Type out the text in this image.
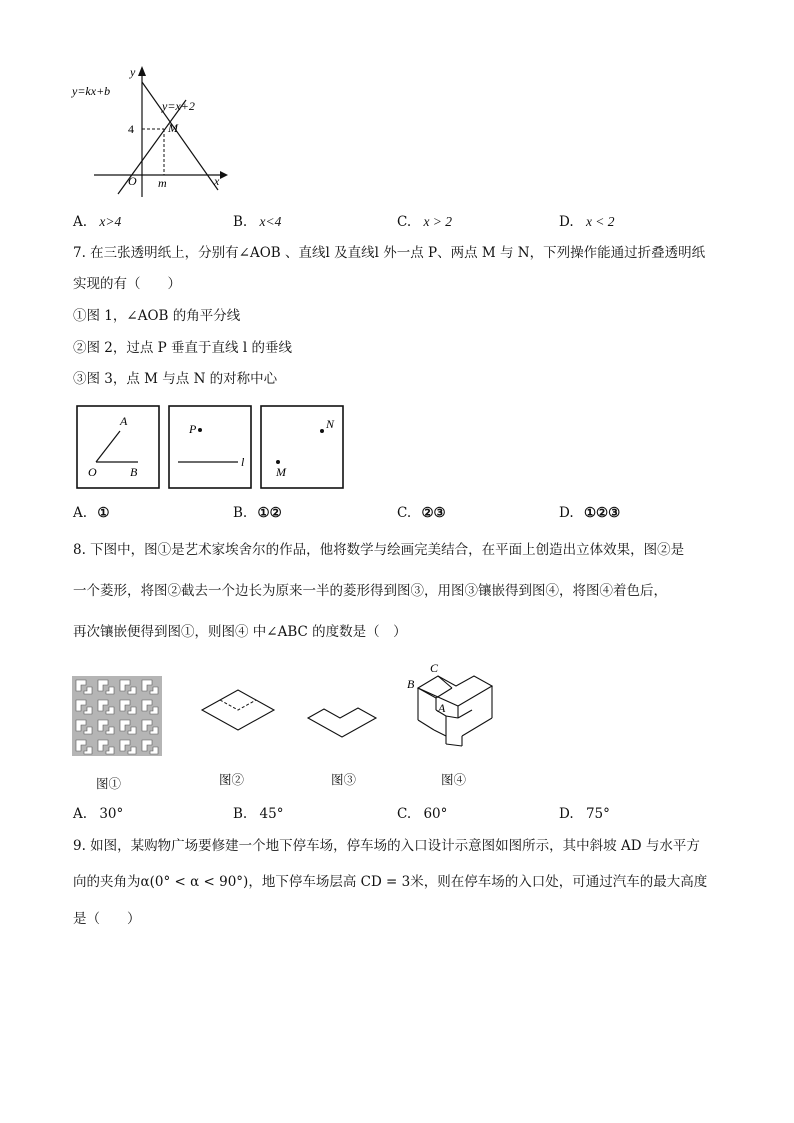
y=kx+b
y=x+2
y
x
O
4
m
M
A. x>4	B. x<4	C. x > 2	D. x < 2
7. 在三张透明纸上，分别有∠AOB 、直线l 及直线l 外一点 P、两点 M 与 N，下列操作能通过折叠透明纸
实现的有（　　）
①图 1，∠AOB 的角平分线
②图 2，过点 P 垂直于直线 l 的垂线
③图 3，点 M 与点 N 的对称中心
A
O	B
P
l
N
M
A. ①	B. ①②	C. ②③	D. ①②③
8. 下图中，图①是艺术家埃舍尔的作品，他将数学与绘画完美结合，在平面上创造出立体效果，图②是
一个菱形，将图②截去一个边长为原来一半的菱形得到图③，用图③镶嵌得到图④，将图④着色后，
再次镶嵌便得到图①，则图④ 中∠ABC 的度数是（　）
C
B
A
图①	图②	图③	图④
A. 30°	B. 45°	C. 60°	D. 75°
9. 如图，某购物广场要修建一个地下停车场，停车场的入口设计示意图如图所示，其中斜坡 AD 与水平方
向的夹角为α(0° < α < 90°)，地下停车场层高 CD = 3米，则在停车场的入口处，可通过汽车的最大高度
是（　　）
